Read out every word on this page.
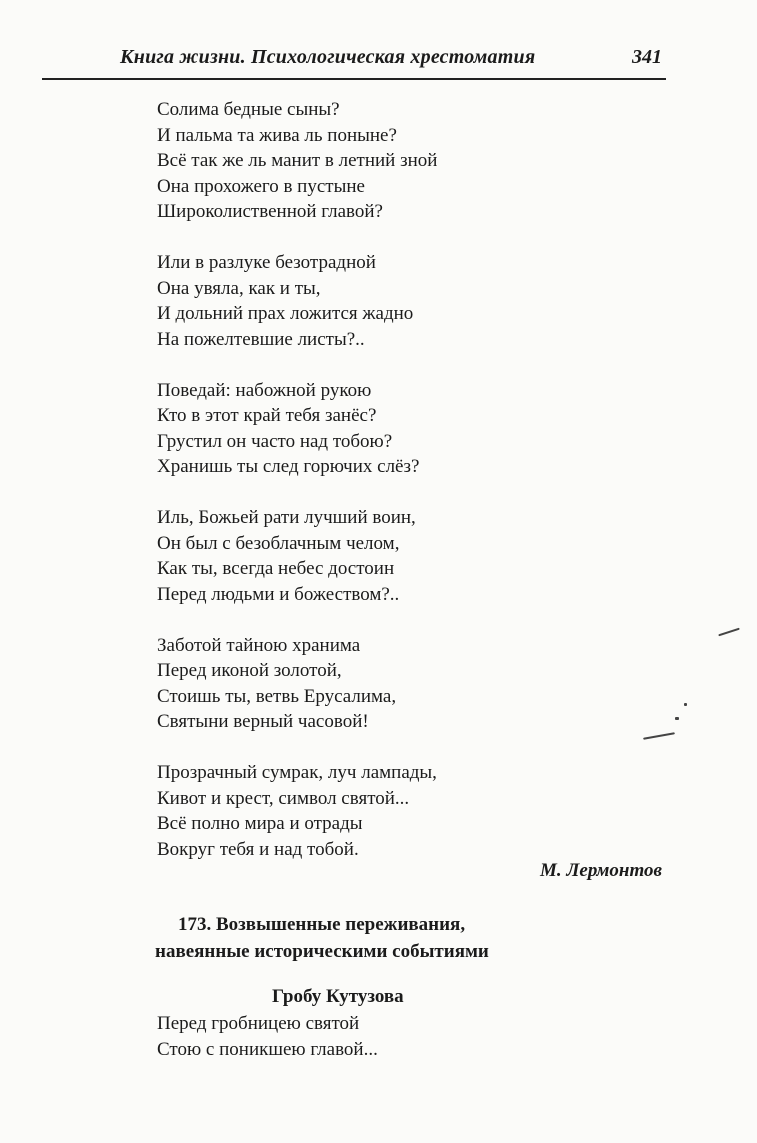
Книга жизни. Психологическая хрестоматия	341
Солима бедные сыны?
И пальма та жива ль поныне?
Всё так же ль манит в летний зной
Она прохожего в пустыне
Широколиственной главой?
Или в разлуке безотрадной
Она увяла, как и ты,
И дольний прах ложится жадно
На пожелтевшие листы?..
Поведай: набожной рукою
Кто в этот край тебя занёс?
Грустил он часто над тобою?
Хранишь ты след горючих слёз?
Иль, Божьей рати лучший воин,
Он был с безоблачным челом,
Как ты, всегда небес достоин
Перед людьми и божеством?..
Заботой тайною хранима
Перед иконой золотой,
Стоишь ты, ветвь Ерусалима,
Святыни верный часовой!
Прозрачный сумрак, луч лампады,
Кивот и крест, символ святой...
Всё полно мира и отрады
Вокруг тебя и над тобой.
М. Лермонтов
173. Возвышенные переживания,
навеянные историческими событиями
Гробу Кутузова
Перед гробницею святой
Стою с поникшею главой...
